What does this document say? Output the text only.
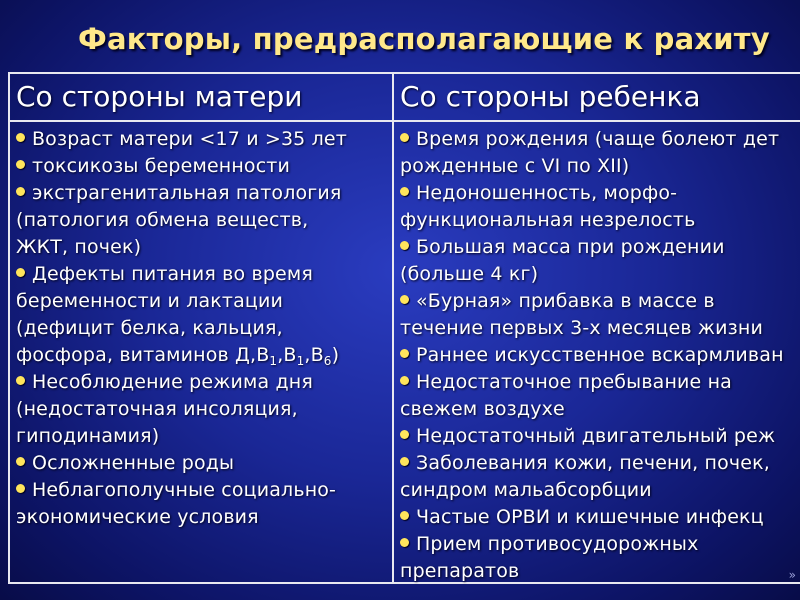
Факторы, предрасполагающие к рахиту
Со стороны матери	Со стороны ребенка
Возраст матери <17 и >35 лет
токсикозы беременности
экстрагенитальная патология
(патология обмена веществ,
ЖКТ, почек)
Дефекты питания во время
беременности и лактации
(дефицит белка, кальция,
фосфора, витаминов $Д,В_1,В_1,В_6$)
Несоблюдение режима дня
(недостаточная инсоляция,
гиподинамия)
Осложненные роды
Неблагополучные социально-
экономические условия
Время рождения (чаще болеют дет
рожденные с VI по XII)
Недоношенность, морфо-
функциональная незрелость
Большая масса при рождении
(больше 4 кг)
«Бурная» прибавка в массе в
течение первых 3-х месяцев жизни
Раннее искусственное вскармливан
Недостаточное пребывание на
свежем воздухе
Недостаточный двигательный реж
Заболевания кожи, печени, почек,
синдром мальабсорбции
Частые ОРВИ и кишечные инфекц
Прием противосудорожных
препаратов	»
